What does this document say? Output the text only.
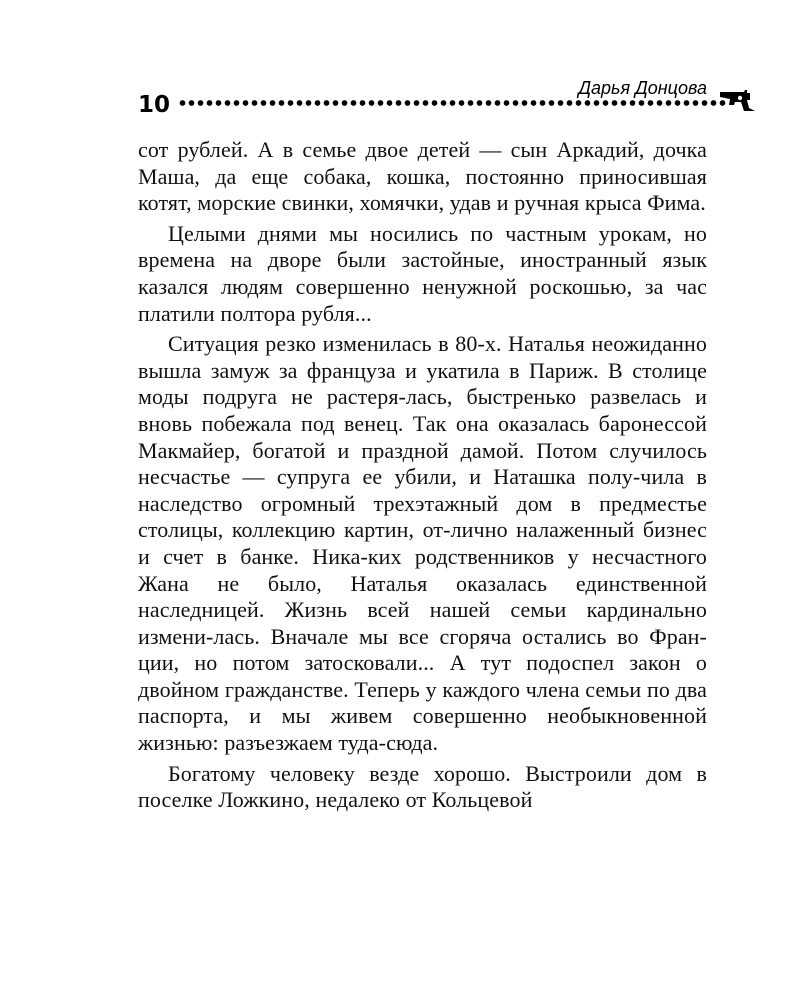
10
Дарья Донцова

сот рублей. А в семье двое детей — сын Аркадий, дочка Маша, да еще собака, кошка, постоянно приносившая котят, морские свинки, хомячки, удав и ручная крыса Фима.

Целыми днями мы носились по частным урокам, но времена на дворе были застойные, иностранный язык казался людям совершенно ненужной роскошью, за час платили полтора рубля...

Ситуация резко изменилась в 80-х. Наталья неожиданно вышла замуж за француза и укатила в Париж. В столице моды подруга не растеря-лась, быстренько развелась и вновь побежала под венец. Так она оказалась баронессой Макмайер, богатой и праздной дамой. Потом случилось несчастье — супруга ее убили, и Наташка полу-чила в наследство огромный трехэтажный дом в предместье столицы, коллекцию картин, от-лично налаженный бизнес и счет в банке. Ника-ких родственников у несчастного Жана не было, Наталья оказалась единственной наследницей. Жизнь всей нашей семьи кардинально измени-лась. Вначале мы все сгоряча остались во Фран-ции, но потом затосковали... А тут подоспел закон о двойном гражданстве. Теперь у каждого члена семьи по два паспорта, и мы живем совершенно необыкновенной жизнью: разъезжаем туда-сюда.

Богатому человеку везде хорошо. Выстроили дом в поселке Ложкино, недалеко от Кольцевой
